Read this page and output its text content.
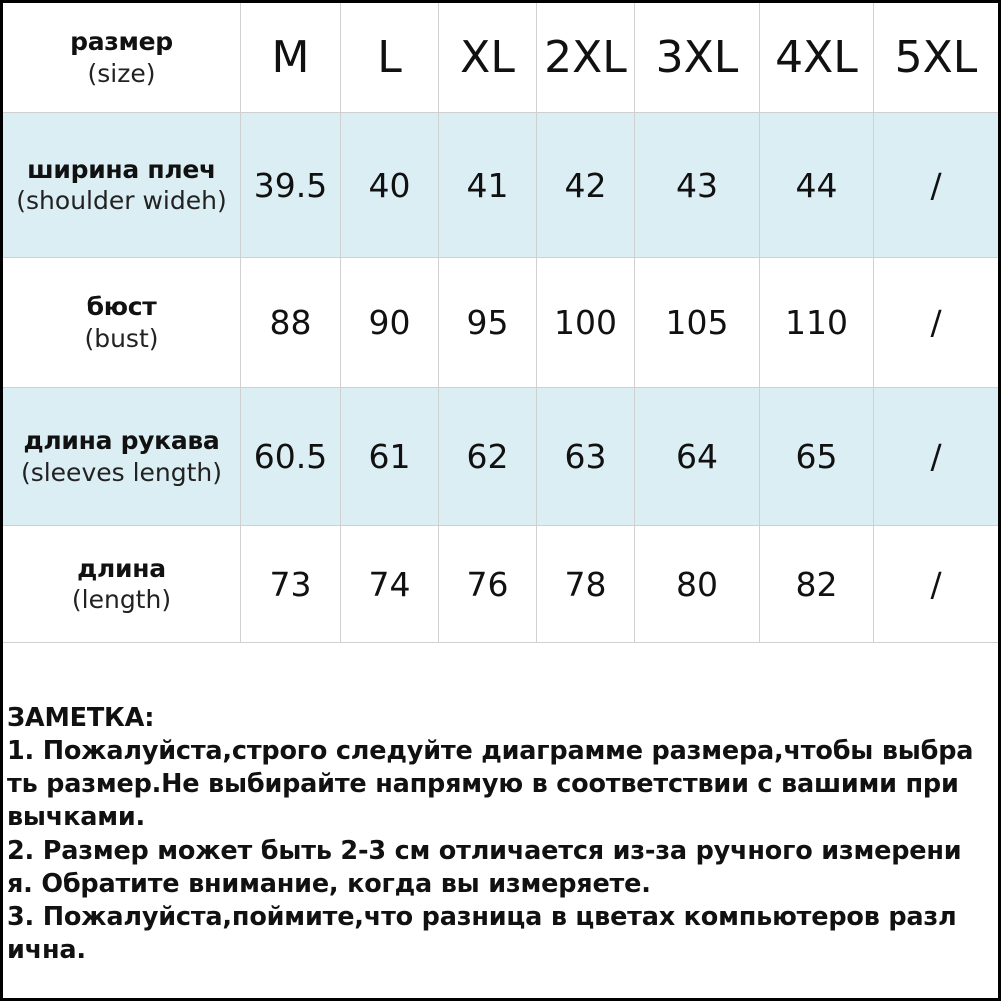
размер
(size)	M	L	XL 2XL 3XL 4XL 5XL
ширина плеч
(shoulder wideh) 39.5	40	41	42	43	44	/
бюст
(bust)	88	90	95	100	105	110	/
длина рукава
(sleeves length) 60.5	61	62	63	64	65	/
длина
(length)	73	74	76	78	80	82	/
ЗАМЕТКА:
1. Пожалуйста,строго следуйте диаграмме размера,чтобы выбра
ть размер.Не выбирайте напрямую в соответствии с вашими при
вычками.
2. Размер может быть 2-3 см отличается из-за ручного измерени
я. Обратите внимание, когда вы измеряете.
3. Пожалуйста,поймите,что разница в цветах компьютеров разл
ична.
